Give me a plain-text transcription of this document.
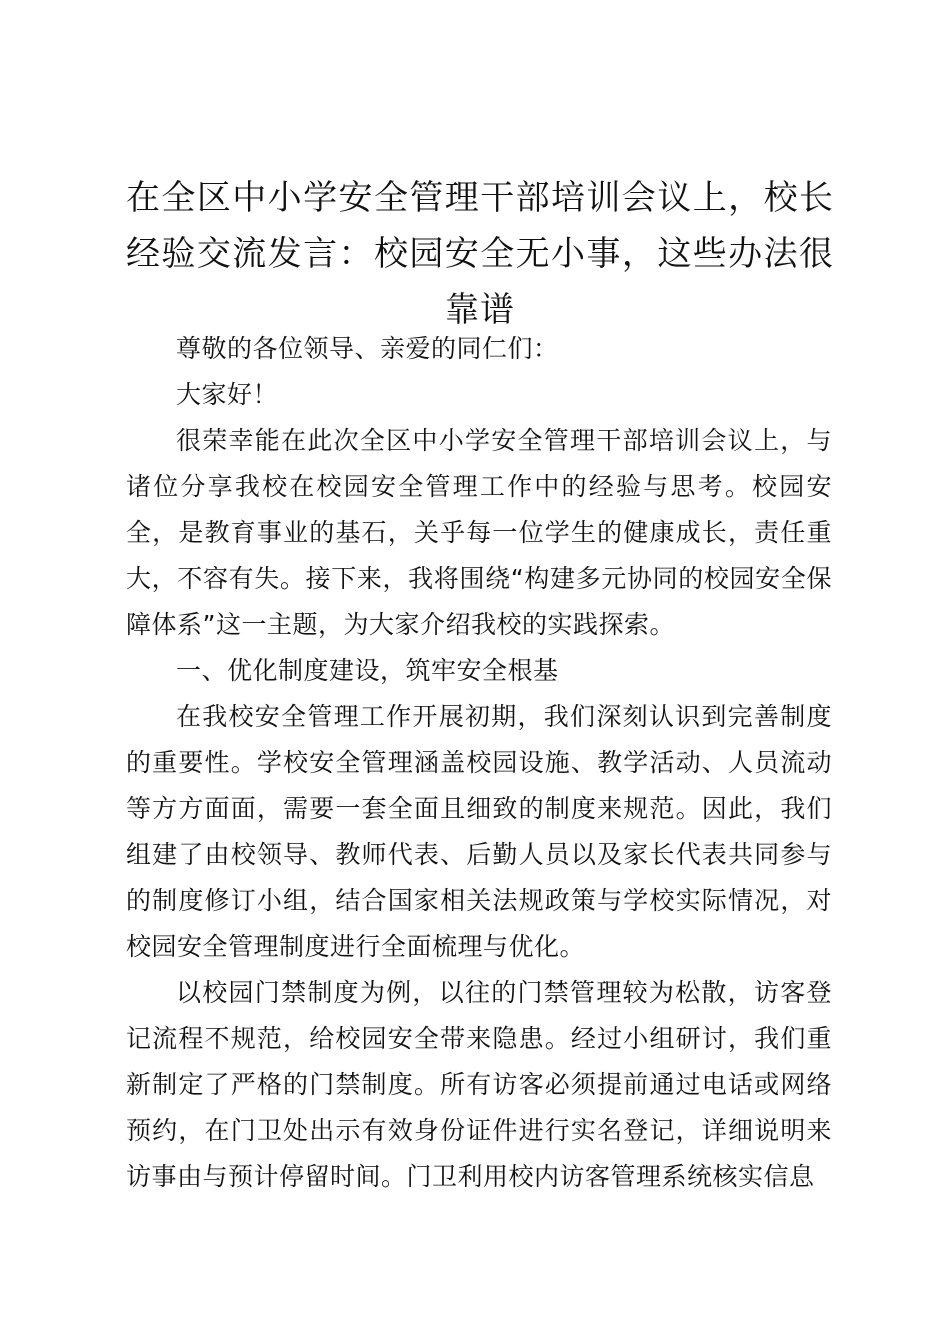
在全区中小学安全管理干部培训会议上，校长经验交流发言：校园安全无小事，这些办法很靠谱

尊敬的各位领导、亲爱的同仁们：

大家好！

很荣幸能在此次全区中小学安全管理干部培训会议上，与诸位分享我校在校园安全管理工作中的经验与思考。校园安全，是教育事业的基石，关乎每一位学生的健康成长，责任重大，不容有失。接下来，我将围绕“构建多元协同的校园安全保障体系”这一主题，为大家介绍我校的实践探索。

一、优化制度建设，筑牢安全根基

在我校安全管理工作开展初期，我们深刻认识到完善制度的重要性。学校安全管理涵盖校园设施、教学活动、人员流动等方方面面，需要一套全面且细致的制度来规范。因此，我们组建了由校领导、教师代表、后勤人员以及家长代表共同参与的制度修订小组，结合国家相关法规政策与学校实际情况，对校园安全管理制度进行全面梳理与优化。

以校园门禁制度为例，以往的门禁管理较为松散，访客登记流程不规范，给校园安全带来隐患。经过小组研讨，我们重新制定了严格的门禁制度。所有访客必须提前通过电话或网络预约，在门卫处出示有效身份证件进行实名登记，详细说明来访事由与预计停留时间。门卫利用校内访客管理系统核实信息
